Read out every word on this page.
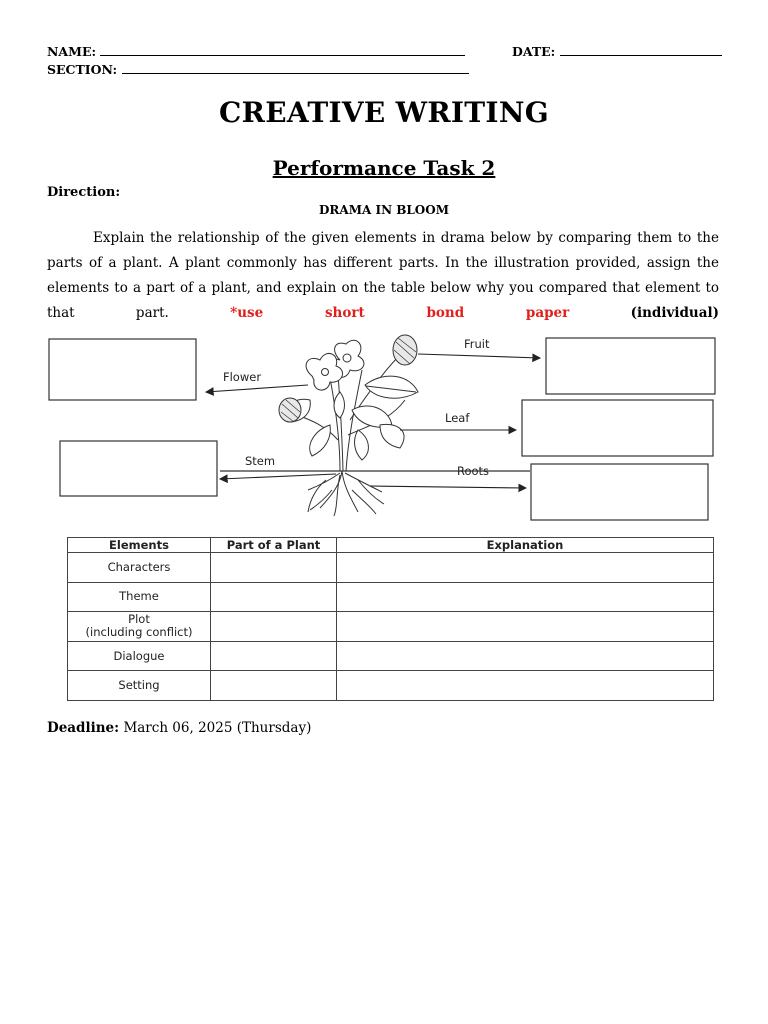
NAME:	DATE:
SECTION:
CREATIVE WRITING
Performance Task 2
Direction:
DRAMA IN BLOOM
Explain the relationship of the given elements in drama below by comparing them to the parts of a plant. A plant commonly has different parts. In the illustration provided, assign the elements to a part of a plant, and explain on the table below why you compared that element to that part.	*use short bond paper	(individual)
Flower
Fruit
Leaf
Stem
Roots
Elements	Part of a Plant	Explanation
Characters		
Theme		
Plot
(including conflict)		
Dialogue		
Setting		
Deadline: March 06, 2025 (Thursday)
